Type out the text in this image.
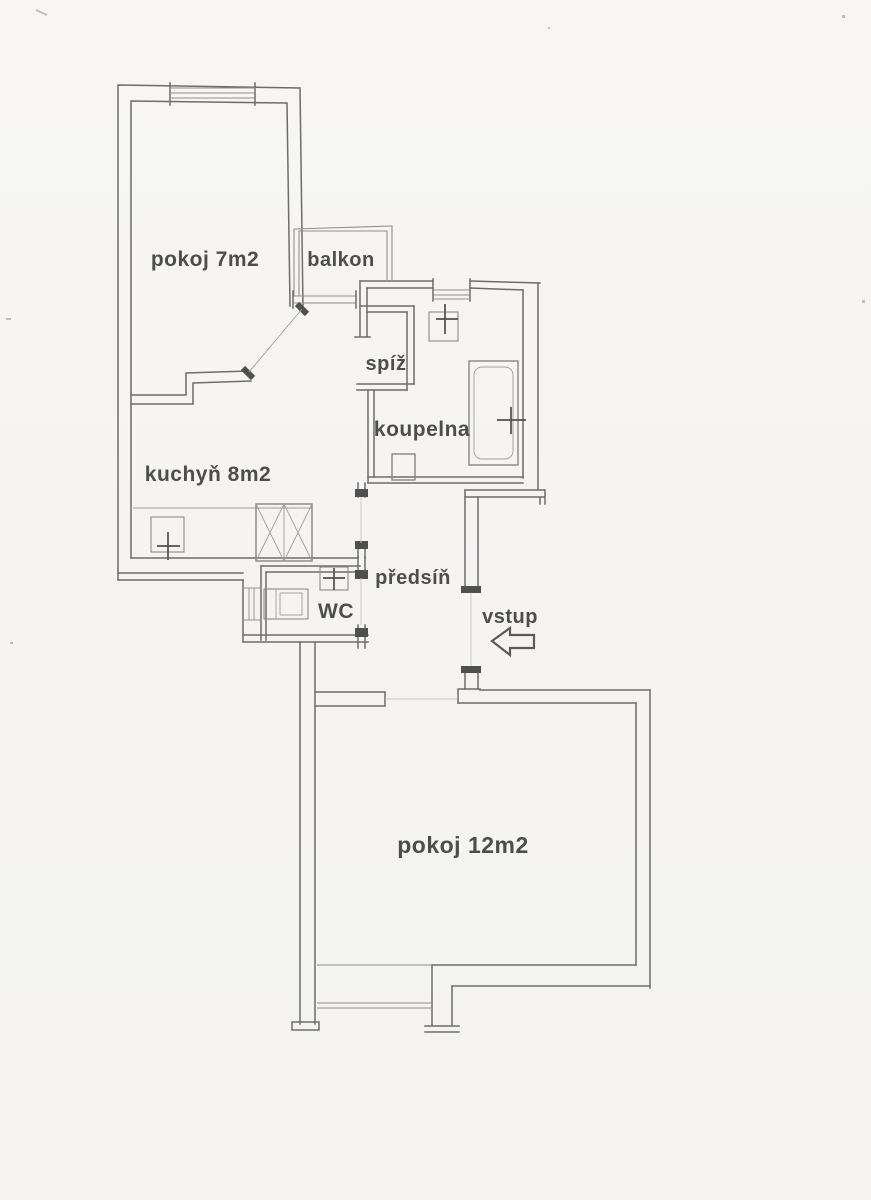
pokoj 7m2 balkon
spíž
koupelna
kuchyň 8m2
WC
předsíň
vstup
pokoj 12m2
